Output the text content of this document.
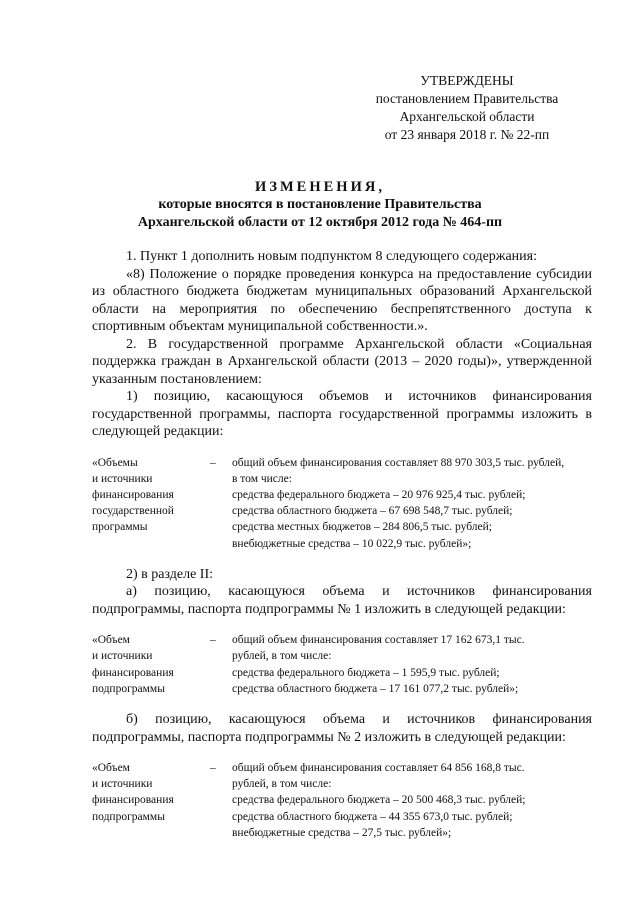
УТВЕРЖДЕНЫ
постановлением Правительства
Архангельской области
от 23 января 2018 г. № 22-пп
ИЗМЕНЕНИЯ,
которые вносятся в постановление Правительства
Архангельской области от 12 октября 2012 года № 464-пп

1. Пункт 1 дополнить новым подпунктом 8 следующего содержания:

«8) Положение о порядке проведения конкурса на предоставление субсидии из областного бюджета бюджетам муниципальных образований Архангельской области на мероприятия по обеспечению беспрепятственного доступа к спортивным объектам муниципальной собственности.».

2. В государственной программе Архангельской области «Социальная поддержка граждан в Архангельской области (2013 – 2020 годы)», утвержденной указанным постановлением:

1) позицию, касающуюся объемов и источников финансирования государственной программы, паспорта государственной программы изложить в следующей редакции:

«Объемы
и источники
финансирования
государственной
программы
–	общий объем финансирования составляет 88 970 303,5 тыс. рублей,
в том числе:
средства федерального бюджета – 20 976 925,4 тыс. рублей;
средства областного бюджета – 67 698 548,7 тыс. рублей;
средства местных бюджетов – 284 806,5 тыс. рублей;
внебюджетные средства – 10 022,9 тыс. рублей»;

2) в разделе II:

а) позицию, касающуюся объема и источников финансирования подпрограммы, паспорта подпрограммы № 1 изложить в следующей редакции:

«Объем
и источники
финансирования
подпрограммы
–	общий объем финансирования составляет 17 162 673,1 тыс.
рублей, в том числе:
средства федерального бюджета – 1 595,9 тыс. рублей;
средства областного бюджета – 17 161 077,2 тыс. рублей»;

б) позицию, касающуюся объема и источников финансирования подпрограммы, паспорта подпрограммы № 2 изложить в следующей редакции:

«Объем
и источники
финансирования
подпрограммы
–	общий объем финансирования составляет 64 856 168,8 тыс.
рублей, в том числе:
средства федерального бюджета – 20 500 468,3 тыс. рублей;
средства областного бюджета – 44 355 673,0 тыс. рублей;
внебюджетные средства – 27,5 тыс. рублей»;
